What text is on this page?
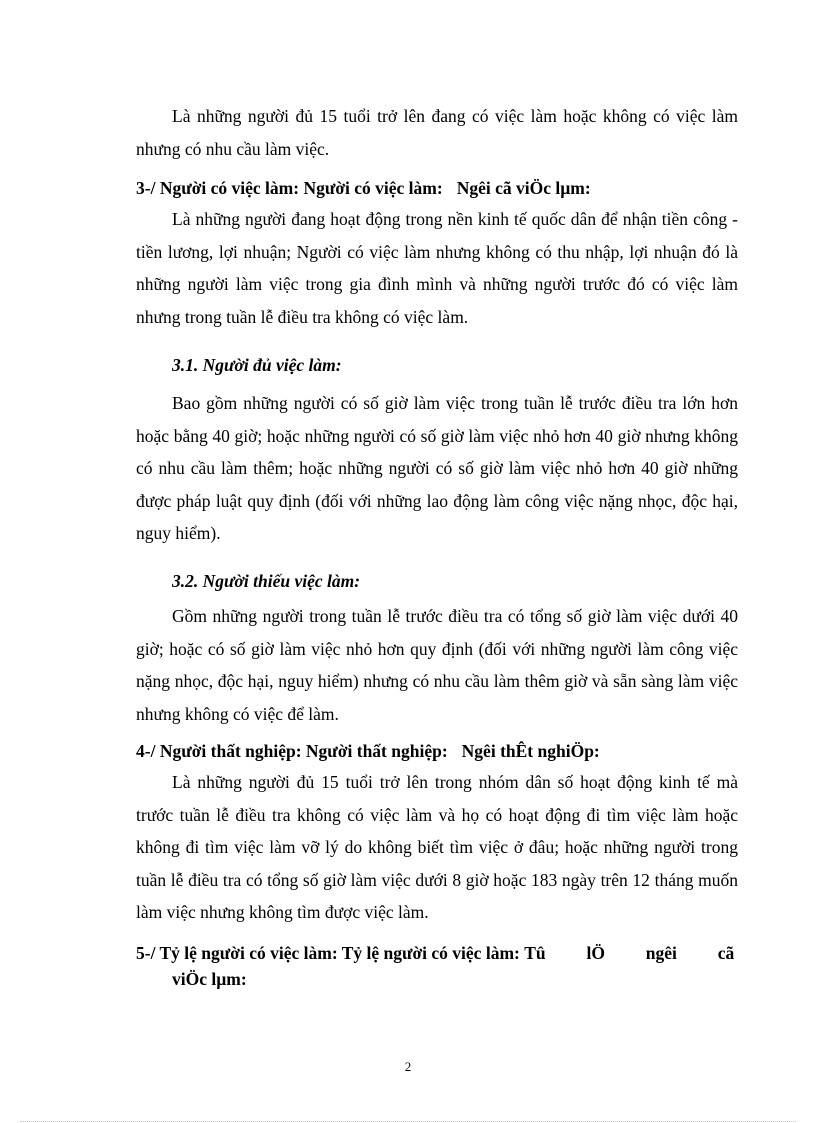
Là những người đủ 15 tuổi trở lên đang có việc làm hoặc không có việc làm nhưng có nhu cầu làm việc.

3-/ Người có việc làm: Người có việc làm: Ngêi cã viÖc lµm:

Là những người đang hoạt động trong nền kinh tế quốc dân để nhận tiền công - tiền lương, lợi nhuận; Người có việc làm nhưng không có thu nhập, lợi nhuận đó là những người làm việc trong gia đình mình và những người trước đó có việc làm nhưng trong tuần lễ điều tra không có việc làm.

3.1. Người đủ việc làm:

Bao gồm những người có số giờ làm việc trong tuần lễ trước điều tra lớn hơn hoặc bằng 40 giờ; hoặc những người có số giờ làm việc nhỏ hơn 40 giờ nhưng không có nhu cầu làm thêm; hoặc những người có số giờ làm việc nhỏ hơn 40 giờ những được pháp luật quy định (đối với những lao động làm công việc nặng nhọc, độc hại, nguy hiểm).

3.2. Người thiếu việc làm:

Gồm những người trong tuần lễ trước điều tra có tổng số giờ làm việc dưới 40 giờ; hoặc có số giờ làm việc nhỏ hơn quy định (đối với những người làm công việc nặng nhọc, độc hại, nguy hiểm) nhưng có nhu cầu làm thêm giờ và sẵn sàng làm việc nhưng không có việc để làm.

4-/ Người thất nghiệp: Người thất nghiệp: Ngêi thÊt nghiÖp:

Là những người đủ 15 tuổi trở lên trong nhóm dân số hoạt động kinh tế mà trước tuần lễ điều tra không có việc làm và họ có hoạt động đi tìm việc làm hoặc không đi tìm việc làm vỡ lý do không biết tìm việc ở đâu; hoặc những người trong tuần lễ điều tra có tổng số giờ làm việc dưới 8 giờ hoặc 183 ngày trên 12 tháng muốn làm việc nhưng không tìm được việc làm.

5-/ Tỷ lệ người có việc làm: Tỷ lệ người có việc làm: Tû lÖ ngêi cã
viÖc lµm:

2
